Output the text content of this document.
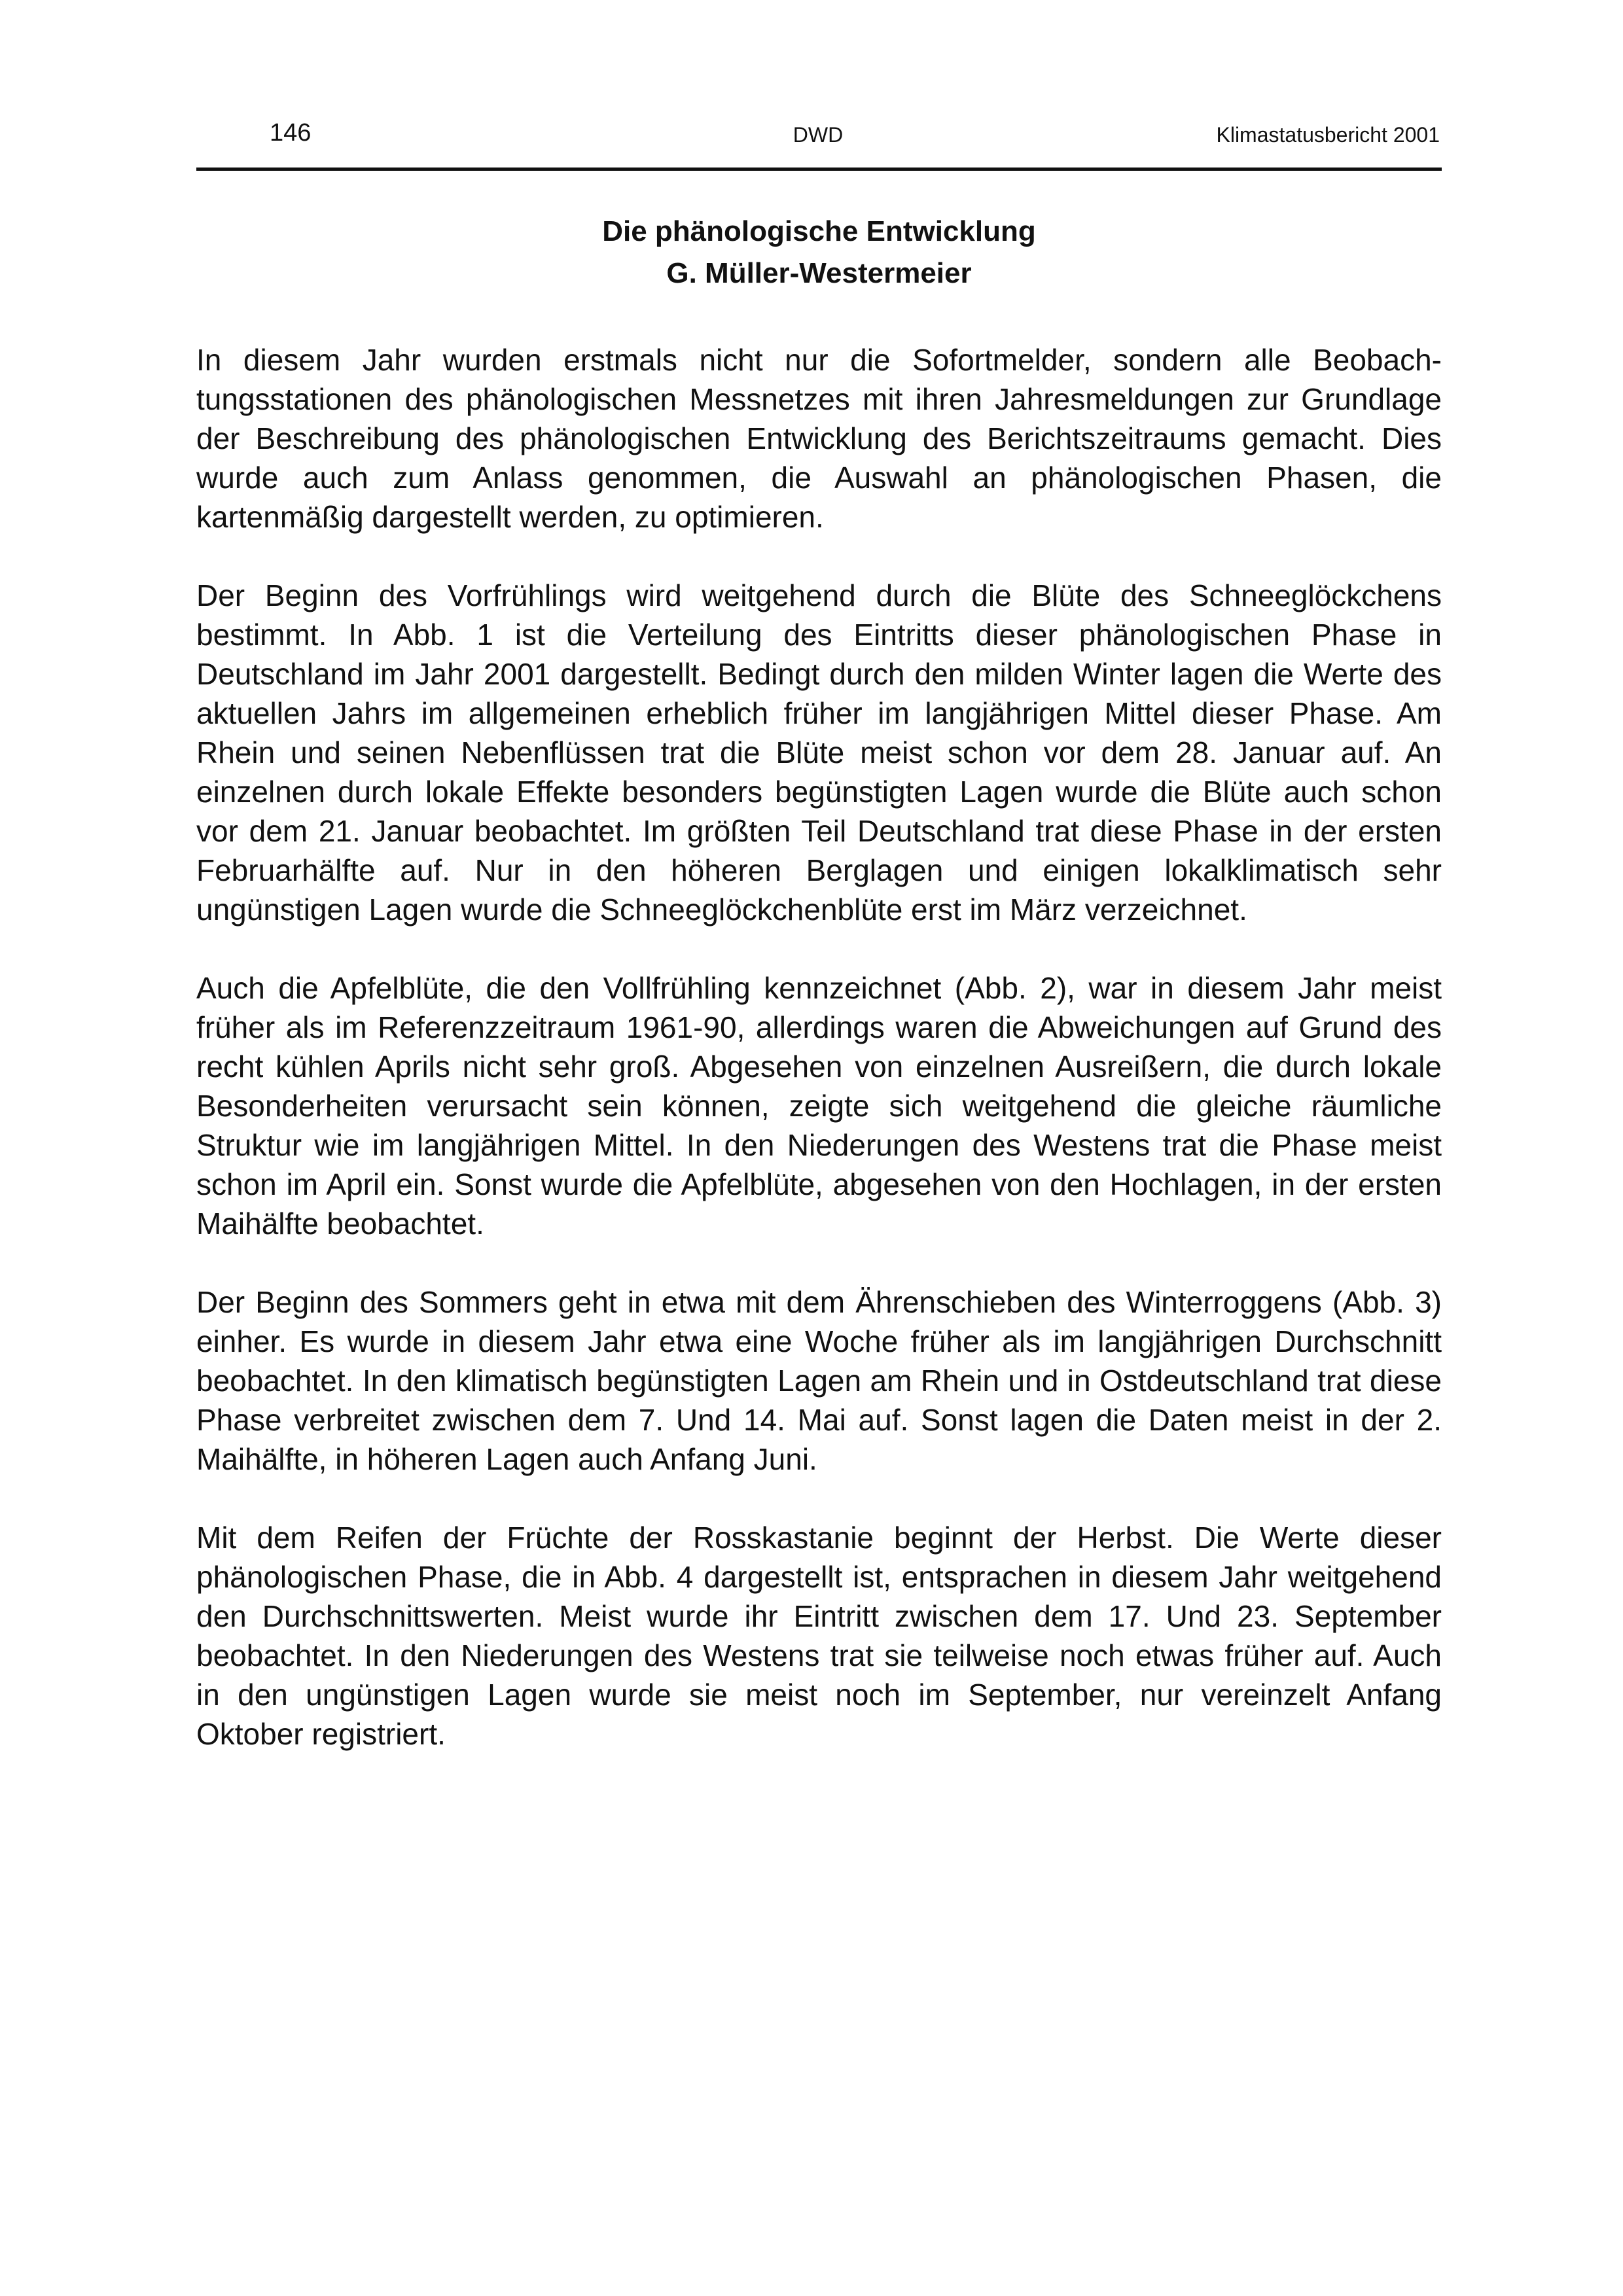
146	DWD	Klimastatusbericht 2001
Die phänologische Entwicklung
G. Müller-Westermeier

In diesem Jahr wurden erstmals nicht nur die Sofortmelder, sondern alle Beobachtungsstationen des phänologischen Messnetzes mit ihren Jahresmeldungen zur Grundlage der Beschreibung des phänologischen Entwicklung des Berichtszeitraums gemacht. Dies wurde auch zum Anlass genommen, die Auswahl an phänologischen Phasen, die kartenmäßig dargestellt werden, zu optimieren.

Der Beginn des Vorfrühlings wird weitgehend durch die Blüte des Schneeglöckchens bestimmt. In Abb. 1 ist die Verteilung des Eintritts dieser phänologischen Phase in Deutschland im Jahr 2001 dargestellt. Bedingt durch den milden Winter lagen die Werte des aktuellen Jahrs im allgemeinen erheblich früher im langjährigen Mittel dieser Phase. Am Rhein und seinen Nebenflüssen trat die Blüte meist schon vor dem 28. Januar auf. An einzelnen durch lokale Effekte besonders begünstigten Lagen wurde die Blüte auch schon vor dem 21. Januar beobachtet. Im größten Teil Deutschland trat diese Phase in der ersten Februarhälfte auf. Nur in den höheren Berglagen und einigen lokalklimatisch sehr ungünstigen Lagen wurde die Schneeglöckchenblüte erst im März verzeichnet.

Auch die Apfelblüte, die den Vollfrühling kennzeichnet (Abb. 2), war in diesem Jahr meist früher als im Referenzzeitraum 1961-90, allerdings waren die Abweichungen auf Grund des recht kühlen Aprils nicht sehr groß. Abgesehen von einzelnen Ausreißern, die durch lokale Besonderheiten verursacht sein können, zeigte sich weitgehend die gleiche räumliche Struktur wie im langjährigen Mittel. In den Niederungen des Westens trat die Phase meist schon im April ein. Sonst wurde die Apfelblüte, abgesehen von den Hochlagen, in der ersten Maihälfte beobachtet.

Der Beginn des Sommers geht in etwa mit dem Ährenschieben des Winterroggens (Abb. 3) einher. Es wurde in diesem Jahr etwa eine Woche früher als im langjährigen Durchschnitt beobachtet. In den klimatisch begünstigten Lagen am Rhein und in Ostdeutschland trat diese Phase verbreitet zwischen dem 7. Und 14. Mai auf. Sonst lagen die Daten meist in der 2. Maihälfte, in höheren Lagen auch Anfang Juni.

Mit dem Reifen der Früchte der Rosskastanie beginnt der Herbst. Die Werte dieser phänologischen Phase, die in Abb. 4 dargestellt ist, entsprachen in diesem Jahr weitgehend den Durchschnittswerten. Meist wurde ihr Eintritt zwischen dem 17. Und 23. September beobachtet. In den Niederungen des Westens trat sie teilweise noch etwas früher auf. Auch in den ungünstigen Lagen wurde sie meist noch im September, nur vereinzelt Anfang Oktober registriert.
